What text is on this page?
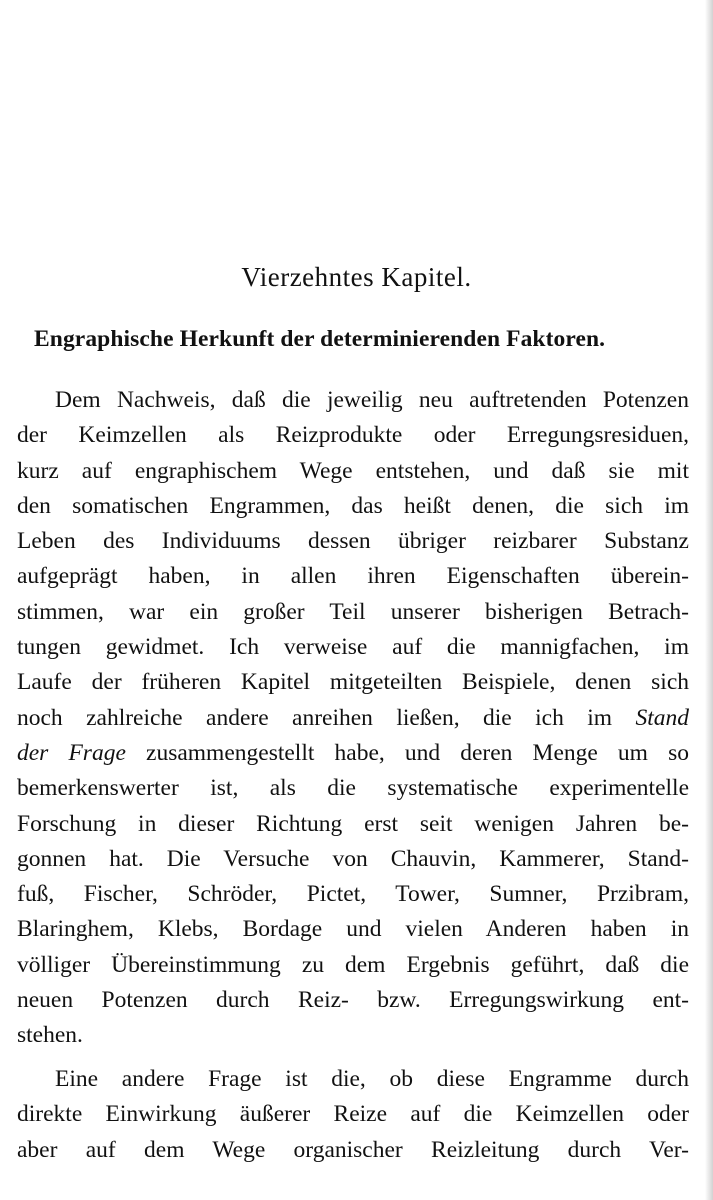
Vierzehntes Kapitel.
Engraphische Herkunft der determinierenden Faktoren.
Dem Nachweis, daß die jeweilig neu auftretenden Potenzen
der Keimzellen als Reizprodukte oder Erregungsresiduen,
kurz auf engraphischem Wege entstehen, und daß sie mit
den somatischen Engrammen, das heißt denen, die sich im
Leben des Individuums dessen übriger reizbarer Substanz
aufgeprägt haben, in allen ihren Eigenschaften überein-
stimmen, war ein großer Teil unserer bisherigen Betrach-
tungen gewidmet. Ich verweise auf die mannigfachen, im
Laufe der früheren Kapitel mitgeteilten Beispiele, denen sich
noch zahlreiche andere anreihen ließen, die ich im Stand
der Frage zusammengestellt habe, und deren Menge um so
bemerkenswerter ist, als die systematische experimentelle
Forschung in dieser Richtung erst seit wenigen Jahren be-
gonnen hat. Die Versuche von Chauvin, Kammerer, Stand-
fuß, Fischer, Schröder, Pictet, Tower, Sumner, Przibram,
Blaringhem, Klebs, Bordage und vielen Anderen haben in
völliger Übereinstimmung zu dem Ergebnis geführt, daß die
neuen Potenzen durch Reiz- bzw. Erregungswirkung ent-
stehen.
Eine andere Frage ist die, ob diese Engramme durch
direkte Einwirkung äußerer Reize auf die Keimzellen oder
aber auf dem Wege organischer Reizleitung durch Ver-
